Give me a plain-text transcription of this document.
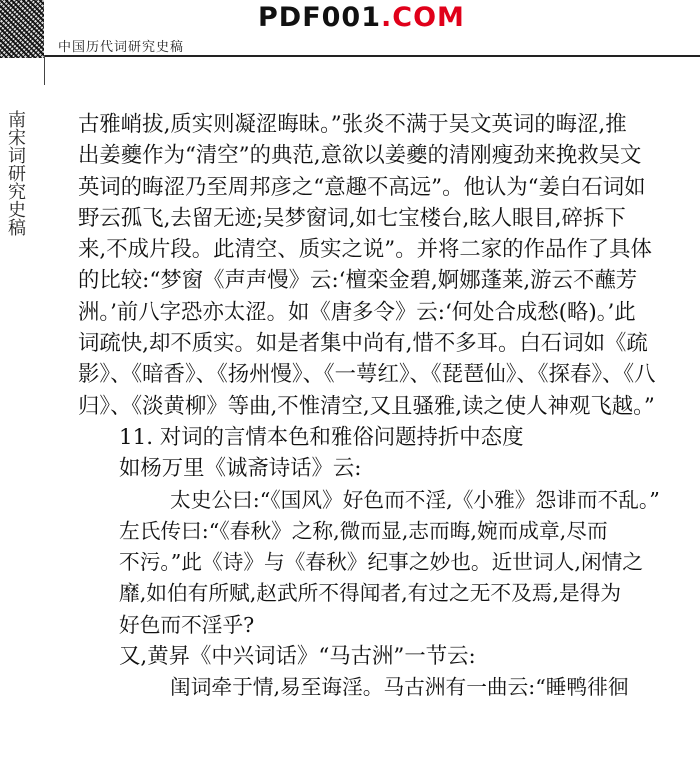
PDF001.COM
中国历代词研究史稿
南宋词研究史稿 古雅峭拔,质实则凝涩晦昧。”张炎不满于吴文英词的晦涩,推
出姜夔作为“清空”的典范,意欲以姜夔的清刚瘦劲来挽救吴文
英词的晦涩乃至周邦彦之“意趣不高远”。他认为“姜白石词如
野云孤飞,去留无迹;吴梦窗词,如七宝楼台,眩人眼目,碎拆下
来,不成片段。此清空、质实之说”。并将二家的作品作了具体
的比较:“梦窗《声声慢》云:‘檀栾金碧,婀娜蓬莱,游云不蘸芳
洲。’前八字恐亦太涩。如《唐多令》云:‘何处合成愁(略)。’此
词疏快,却不质实。如是者集中尚有,惜不多耳。白石词如《疏
影》、《暗香》、《扬州慢》、《一萼红》、《琵琶仙》、《探春》、《八
归》、《淡黄柳》等曲,不惟清空,又且骚雅,读之使人神观飞越。”
11. 对词的言情本色和雅俗问题持折中态度
如杨万里《诚斋诗话》云:
太史公曰:“《国风》好色而不淫,《小雅》怨诽而不乱。”
左氏传曰:“《春秋》之称,微而显,志而晦,婉而成章,尽而
不污。”此《诗》与《春秋》纪事之妙也。近世词人,闲情之
靡,如伯有所赋,赵武所不得闻者,有过之无不及焉,是得为
好色而不淫乎?
又,黄昇《中兴词话》“马古洲”一节云:
闺词牵于情,易至诲淫。马古洲有一曲云:“睡鸭徘徊
